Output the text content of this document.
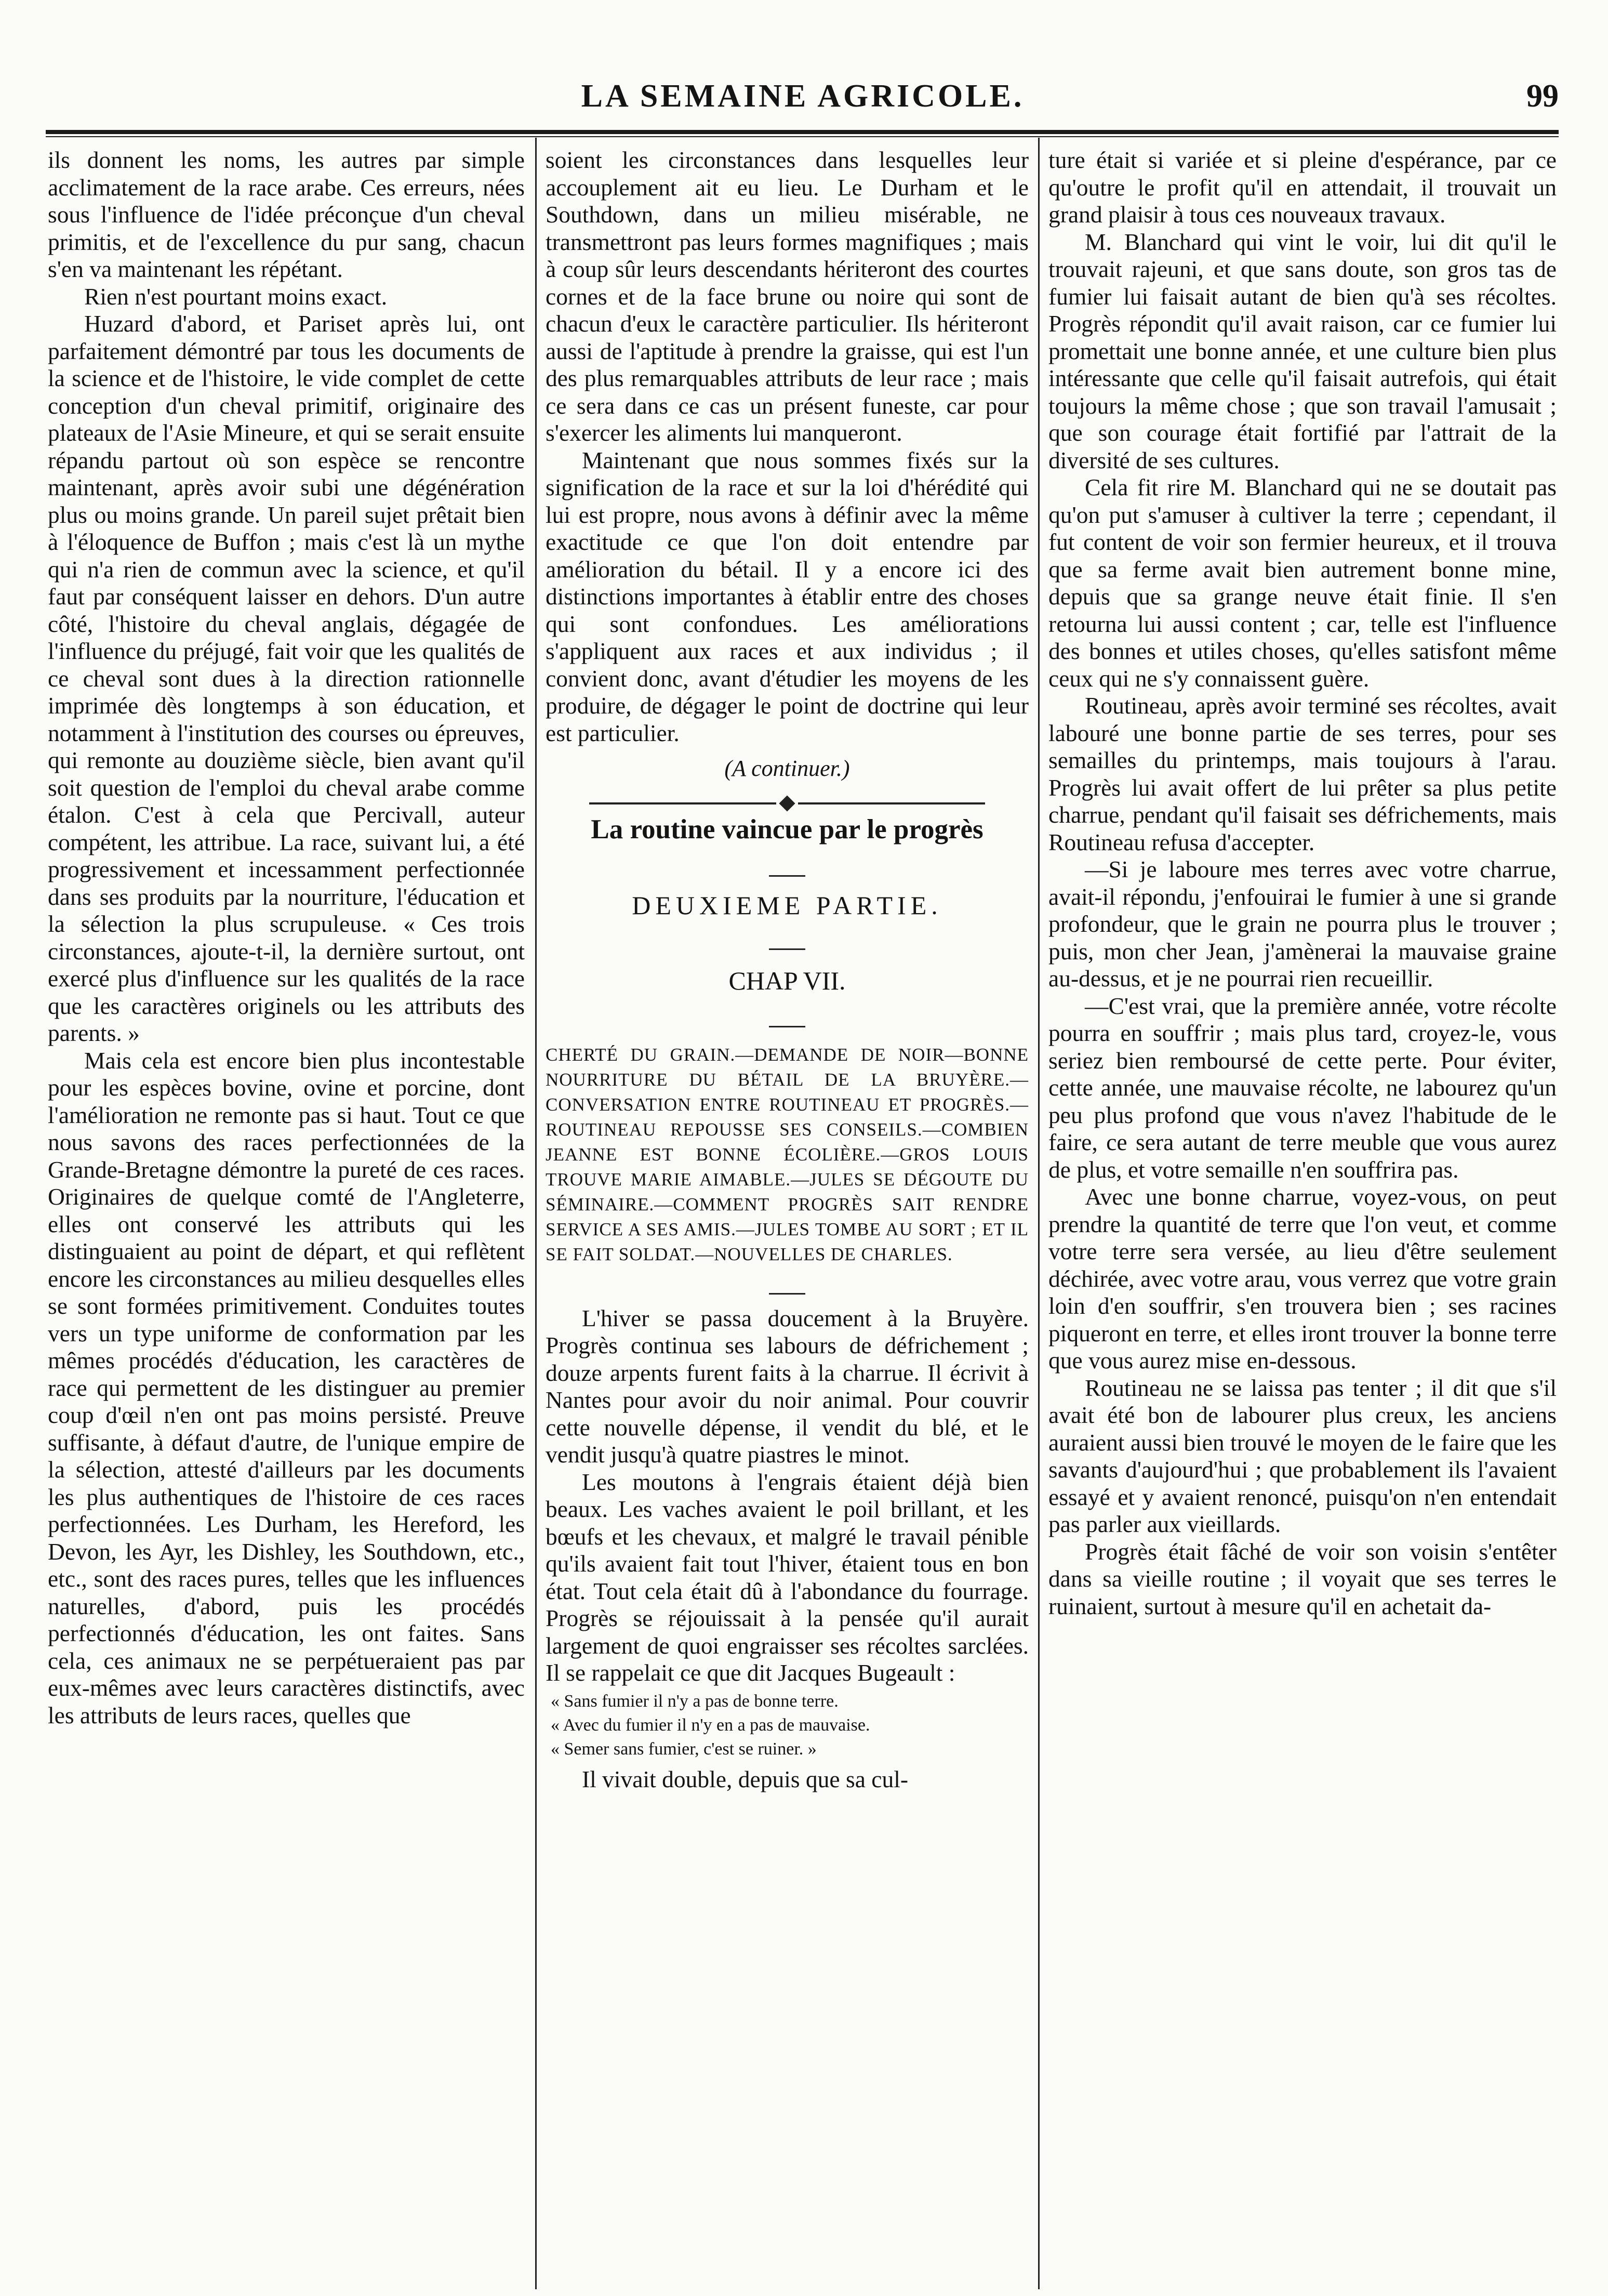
LA SEMAINE AGRICOLE.	99

ils donnent les noms, les autres par simple acclimatement de la race arabe. Ces erreurs, nées sous l'influence de l'idée préconçue d'un cheval primitis, et de l'excellence du pur sang, chacun s'en va maintenant les répétant.

Rien n'est pourtant moins exact.

Huzard d'abord, et Pariset après lui, ont parfaitement démontré par tous les documents de la science et de l'histoire, le vide complet de cette conception d'un cheval primitif, originaire des plateaux de l'Asie Mineure, et qui se serait ensuite répandu partout où son espèce se rencontre maintenant, après avoir subi une dégénération plus ou moins grande. Un pareil sujet prêtait bien à l'éloquence de Buffon ; mais c'est là un mythe qui n'a rien de commun avec la science, et qu'il faut par conséquent laisser en dehors. D'un autre côté, l'histoire du cheval anglais, dégagée de l'influence du préjugé, fait voir que les qualités de ce cheval sont dues à la direction rationnelle imprimée dès longtemps à son éducation, et notamment à l'institution des courses ou épreuves, qui remonte au douzième siècle, bien avant qu'il soit question de l'emploi du cheval arabe comme étalon. C'est à cela que Percivall, auteur compétent, les attribue. La race, suivant lui, a été progressivement et incessamment perfectionnée dans ses produits par la nourriture, l'éducation et la sélection la plus scrupuleuse. « Ces trois circonstances, ajoute-t-il, la dernière surtout, ont exercé plus d'influence sur les qualités de la race que les caractères originels ou les attributs des parents. »

Mais cela est encore bien plus incontestable pour les espèces bovine, ovine et porcine, dont l'amélioration ne remonte pas si haut. Tout ce que nous savons des races perfectionnées de la Grande-Bretagne démontre la pureté de ces races. Originaires de quelque comté de l'Angleterre, elles ont conservé les attributs qui les distinguaient au point de départ, et qui reflètent encore les circonstances au milieu desquelles elles se sont formées primitivement. Conduites toutes vers un type uniforme de conformation par les mêmes procédés d'éducation, les caractères de race qui permettent de les distinguer au premier coup d'œil n'en ont pas moins persisté. Preuve suffisante, à défaut d'autre, de l'unique empire de la sélection, attesté d'ailleurs par les documents les plus authentiques de l'histoire de ces races perfectionnées. Les Durham, les Hereford, les Devon, les Ayr, les Dishley, les Southdown, etc., etc., sont des races pures, telles que les influences naturelles, d'abord, puis les procédés perfectionnés d'éducation, les ont faites. Sans cela, ces animaux ne se perpétueraient pas par eux-mêmes avec leurs caractères distinctifs, avec les attributs de leurs races, quelles que

soient les circonstances dans lesquelles leur accouplement ait eu lieu. Le Durham et le Southdown, dans un milieu misérable, ne transmettront pas leurs formes magnifiques ; mais à coup sûr leurs descendants hériteront des courtes cornes et de la face brune ou noire qui sont de chacun d'eux le caractère particulier. Ils hériteront aussi de l'aptitude à prendre la graisse, qui est l'un des plus remarquables attributs de leur race ; mais ce sera dans ce cas un présent funeste, car pour s'exercer les aliments lui manqueront.

Maintenant que nous sommes fixés sur la signification de la race et sur la loi d'hérédité qui lui est propre, nous avons à définir avec la même exactitude ce que l'on doit entendre par amélioration du bétail. Il y a encore ici des distinctions importantes à établir entre des choses qui sont confondues. Les améliorations s'appliquent aux races et aux individus ; il convient donc, avant d'étudier les moyens de les produire, de dégager le point de doctrine qui leur est particulier.

(A continuer.)
La routine vaincue par le progrès
DEUXIEME PARTIE.
CHAP VII.
CHERTÉ DU GRAIN.—DEMANDE DE NOIR—BONNE NOURRITURE DU BÉTAIL DE LA BRUYÈRE.—CONVERSATION ENTRE ROUTINEAU ET PROGRÈS.—ROUTINEAU REPOUSSE SES CONSEILS.—COMBIEN JEANNE EST BONNE ÉCOLIÈRE.—GROS LOUIS TROUVE MARIE AIMABLE.—JULES SE DÉGOUTE DU SÉMINAIRE.—COMMENT PROGRÈS SAIT RENDRE SERVICE A SES AMIS.—JULES TOMBE AU SORT ; ET IL SE FAIT SOLDAT.—NOUVELLES DE CHARLES.

L'hiver se passa doucement à la Bruyère. Progrès continua ses labours de défrichement ; douze arpents furent faits à la charrue. Il écrivit à Nantes pour avoir du noir animal. Pour couvrir cette nouvelle dépense, il vendit du blé, et le vendit jusqu'à quatre piastres le minot.

Les moutons à l'engrais étaient déjà bien beaux. Les vaches avaient le poil brillant, et les bœufs et les chevaux, et malgré le travail pénible qu'ils avaient fait tout l'hiver, étaient tous en bon état. Tout cela était dû à l'abondance du fourrage. Progrès se réjouissait à la pensée qu'il aurait largement de quoi engraisser ses récoltes sarclées. Il se rappelait ce que dit Jacques Bugeault :

« Sans fumier il n'y a pas de bonne terre.
« Avec du fumier il n'y en a pas de mauvaise.
« Semer sans fumier, c'est se ruiner. »

Il vivait double, depuis que sa cul-

ture était si variée et si pleine d'espérance, par ce qu'outre le profit qu'il en attendait, il trouvait un grand plaisir à tous ces nouveaux travaux.

M. Blanchard qui vint le voir, lui dit qu'il le trouvait rajeuni, et que sans doute, son gros tas de fumier lui faisait autant de bien qu'à ses récoltes. Progrès répondit qu'il avait raison, car ce fumier lui promettait une bonne année, et une culture bien plus intéressante que celle qu'il faisait autrefois, qui était toujours la même chose ; que son travail l'amusait ; que son courage était fortifié par l'attrait de la diversité de ses cultures.

Cela fit rire M. Blanchard qui ne se doutait pas qu'on put s'amuser à cultiver la terre ; cependant, il fut content de voir son fermier heureux, et il trouva que sa ferme avait bien autrement bonne mine, depuis que sa grange neuve était finie. Il s'en retourna lui aussi content ; car, telle est l'influence des bonnes et utiles choses, qu'elles satisfont même ceux qui ne s'y connaissent guère.

Routineau, après avoir terminé ses récoltes, avait labouré une bonne partie de ses terres, pour ses semailles du printemps, mais toujours à l'arau. Progrès lui avait offert de lui prêter sa plus petite charrue, pendant qu'il faisait ses défrichements, mais Routineau refusa d'accepter.

—Si je laboure mes terres avec votre charrue, avait-il répondu, j'enfouirai le fumier à une si grande profondeur, que le grain ne pourra plus le trouver ; puis, mon cher Jean, j'amènerai la mauvaise graine au-dessus, et je ne pourrai rien recueillir.

—C'est vrai, que la première année, votre récolte pourra en souffrir ; mais plus tard, croyez-le, vous seriez bien remboursé de cette perte. Pour éviter, cette année, une mauvaise récolte, ne labourez qu'un peu plus profond que vous n'avez l'habitude de le faire, ce sera autant de terre meuble que vous aurez de plus, et votre semaille n'en souffrira pas.

Avec une bonne charrue, voyez-vous, on peut prendre la quantité de terre que l'on veut, et comme votre terre sera versée, au lieu d'être seulement déchirée, avec votre arau, vous verrez que votre grain loin d'en souffrir, s'en trouvera bien ; ses racines piqueront en terre, et elles iront trouver la bonne terre que vous aurez mise en-dessous.

Routineau ne se laissa pas tenter ; il dit que s'il avait été bon de labourer plus creux, les anciens auraient aussi bien trouvé le moyen de le faire que les savants d'aujourd'hui ; que probablement ils l'avaient essayé et y avaient renoncé, puisqu'on n'en entendait pas parler aux vieillards.

Progrès était fâché de voir son voisin s'entêter dans sa vieille routine ; il voyait que ses terres le ruinaient, surtout à mesure qu'il en achetait da-
